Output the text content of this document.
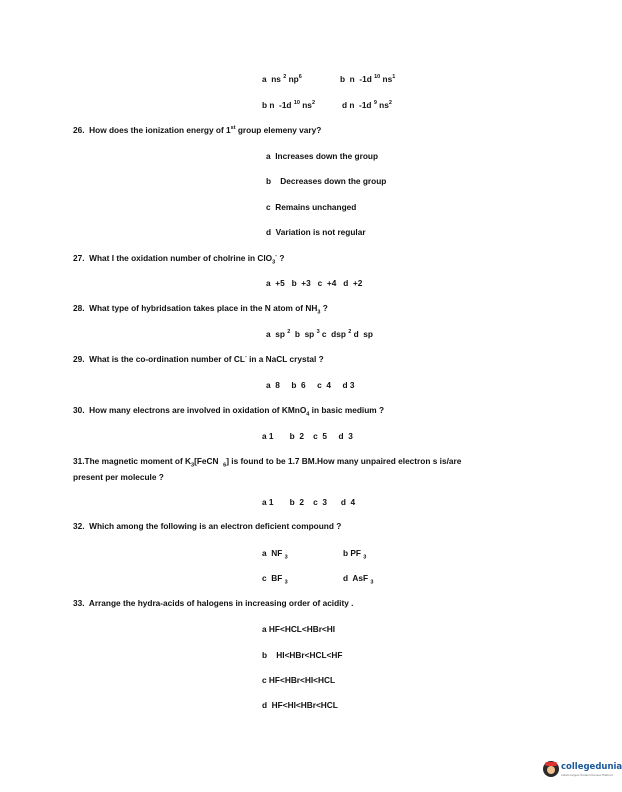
a  ns $^2$ $np^6$	b  n  -1d $^{10}$ $ns^1$
b n  -1d $^{10}$ $ns^2$	d n  -1d $^9$ $ns^2$
26.  How does the ionization energy of 1st group elemeny vary?
a  Increases down the group
b    Decreases down the group
c  Remains unchanged
d  Variation is not regular
27.  What I the oxidation number of cholrine in ClO$_3$- ?
a  +5   b  +3   c  +4   d  +2
28.  What type of hybridsation takes place in the N atom of $NH_3$ ?
a  sp $^2$  b  sp $^3$ c  dsp $^2$ d  sp
29.  What is the co-ordination number of CL- in a NaCL crystal ?
a  8     b  6     c  4     d 3
30.  How many electrons are involved in oxidation of KMnO$_4$ in basic medium ?
a 1       b  2    c  5     d  3
31.The magnetic moment of $K_3[FeCN$  $_6$] is found to be 1.7 BM.How many unpaired electron s is/are
present per molecule ?
a 1       b  2    c  3      d  4
32.  Which among the following is an electron deficient compound ?
a  NF $_3$	b PF $_3$
c  BF $_3$	d  AsF $_3$
33.  Arrange the hydra-acids of halogens in increasing order of acidity .
a HF<HCL<HBr<HI
b    HI<HBr<HCL<HF
c HF<HBr<HI<HCL
d  HF<HI<HBr<HCL
collegedunia
India's largest Student Review Platform
